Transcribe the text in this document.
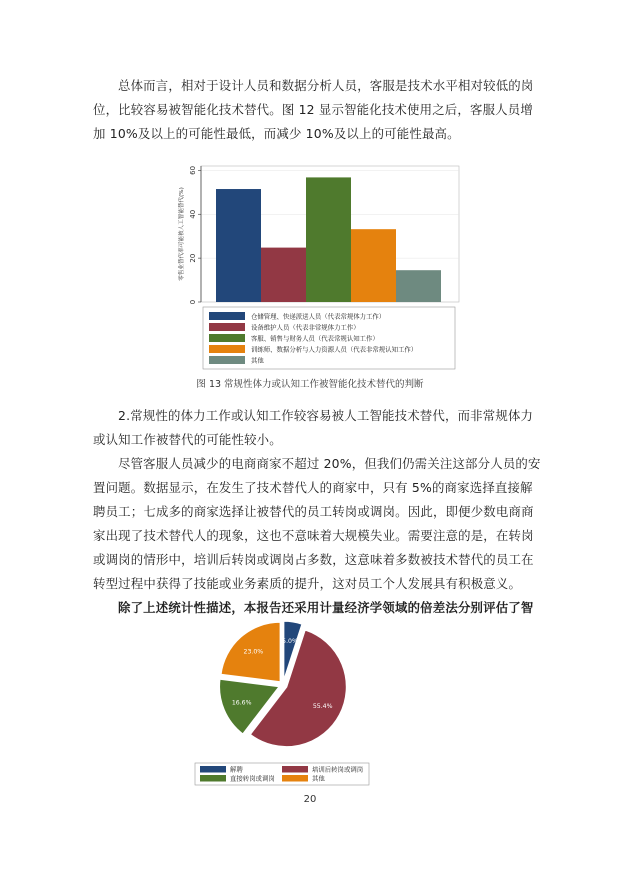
总体而言，相对于设计人员和数据分析人员，客服是技术水平相对较低的岗
位，比较容易被智能化技术替代。图 12 显示智能化技术使用之后，客服人员增
加 10%及以上的可能性最低，而减少 10%及以上的可能性最高。
0
20
40
60
零售业替代率可能被人工智能替代(%)
仓储管理、快递派送人员（代表常规体力工作）
设备维护人员（代表非常规体力工作）
客服、销售与财务人员（代表常规认知工作）
训练师、数据分析与人力资源人员（代表非常规认知工作）
其他

图 13 常规性体力或认知工作被智能化技术替代的判断

2.常规性的体力工作或认知工作较容易被人工智能技术替代，而非常规体力
或认知工作被替代的可能性较小。
尽管客服人员减少的电商商家不超过 20%，但我们仍需关注这部分人员的安
置问题。数据显示，在发生了技术替代人的商家中，只有 5%的商家选择直接解
聘员工；七成多的商家选择让被替代的员工转岗或调岗。因此，即便少数电商商
家出现了技术替代人的现象，这也不意味着大规模失业。需要注意的是，在转岗
或调岗的情形中，培训后转岗或调岗占多数，这意味着多数被技术替代的员工在
转型过程中获得了技能或业务素质的提升，这对员工个人发展具有积极意义。
除了上述统计性描述，本报告还采用计量经济学领域的倍差法分别评估了智
5.0%
55.4%
16.6%
23.0%
解聘	培训后转岗或调岗
直接转岗或调岗	其他

20
